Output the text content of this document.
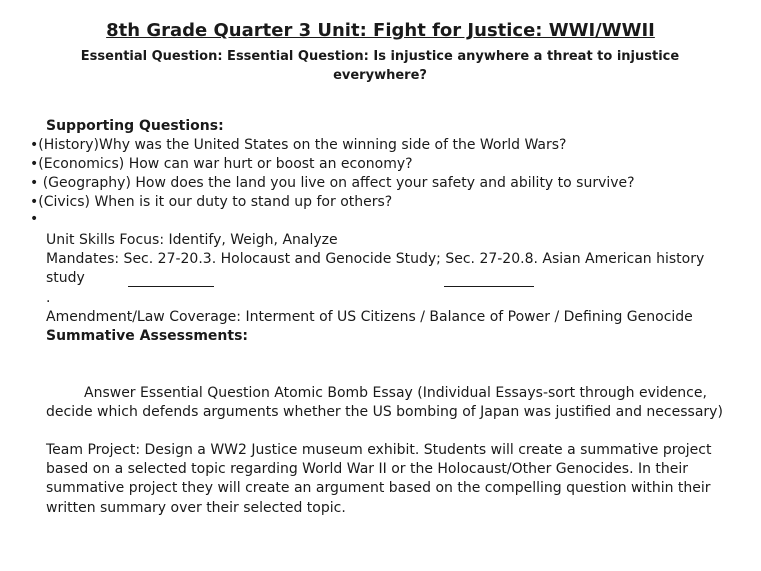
8th Grade Quarter 3 Unit: Fight for Justice: WWI/WWII
Essential Question: Essential Question: Is injustice anywhere a threat to injustice
everywhere?
Supporting Questions:
•(History)Why was the United States on the winning side of the World Wars?
•(Economics) How can war hurt or boost an economy?
• (Geography) How does the land you live on affect your safety and ability to survive?
•(Civics) When is it our duty to stand up for others?
•
Unit Skills Focus: Identify, Weigh, Analyze
Mandates: Sec. 27-20.3. Holocaust and Genocide Study; Sec. 27-20.8. Asian American history
study
.
Amendment/Law Coverage: Interment of US Citizens / Balance of Power / Defining Genocide
Summative Assessments:
Answer Essential Question Atomic Bomb Essay (Individual Essays-sort through evidence, decide which defends arguments whether the US bombing of Japan was justified and necessary)
Team Project: Design a WW2 Justice museum exhibit. Students will create a summative project based on a selected topic regarding World War II or the Holocaust/Other Genocides. In their summative project they will create an argument based on the compelling question within their written summary over their selected topic.
